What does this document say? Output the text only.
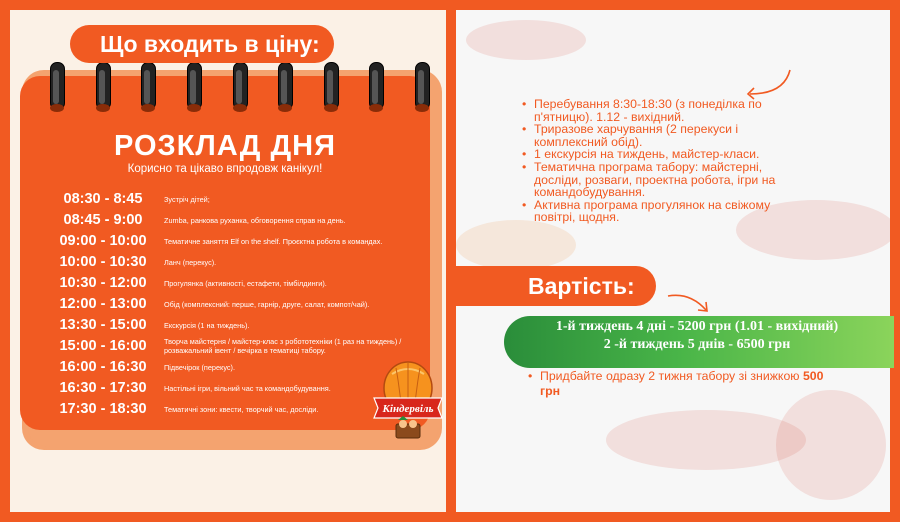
РОЗКЛАД ДНЯ
Корисно та цікаво впродовж канікул!
08:30 - 8:45	Зустріч дітей;
08:45 - 9:00	Zumba, ранкова руханка, обговорення справ на день.
09:00 - 10:00	Тематичне заняття Elf on the shelf. Проєктна робота в командах.
10:00 - 10:30	Ланч (перекус).
10:30 - 12:00	Прогулянка (активності, естафети, тімбілдинги).
12:00 - 13:00	Обід (комплексний: перше, гарнір, друге, салат, компот/чай).
13:30 - 15:00	Екскурсія (1 на тиждень).
15:00 - 16:00	Творча майстерня / майстер-клас з робототехніки (1 раз на тиждень) / розважальний івент / вечірка в тематиці табору.
16:00 - 16:30	Підвечірок (перекус).
16:30 - 17:30	Настільні ігри, вільний час та командобудування.
17:30 - 18:30	Тематичні зони: квести, творчий час, досліди.	Кіндервіль
Що входить в ціну:
• Перебування 8:30-18:30 (з понеділка по п'ятницю). 1.12 - вихідний.
• Триразове харчування (2 перекуси і комплексний обід).
• 1 екскурсія на тиждень, майстер-класи.
• Тематична програма табору: майстерні, досліди, розваги, проектна робота, ігри на командобудування.
• Активна програма прогулянок на свіжому повітрі, щодня.
Вартість:
1-й тиждень 4 дні - 5200 грн (1.01 - вихідний)
2 -й тиждень 5 днів - 6500 грн
• Придбайте одразу 2 тижня табору зі знижкою 500 грн
